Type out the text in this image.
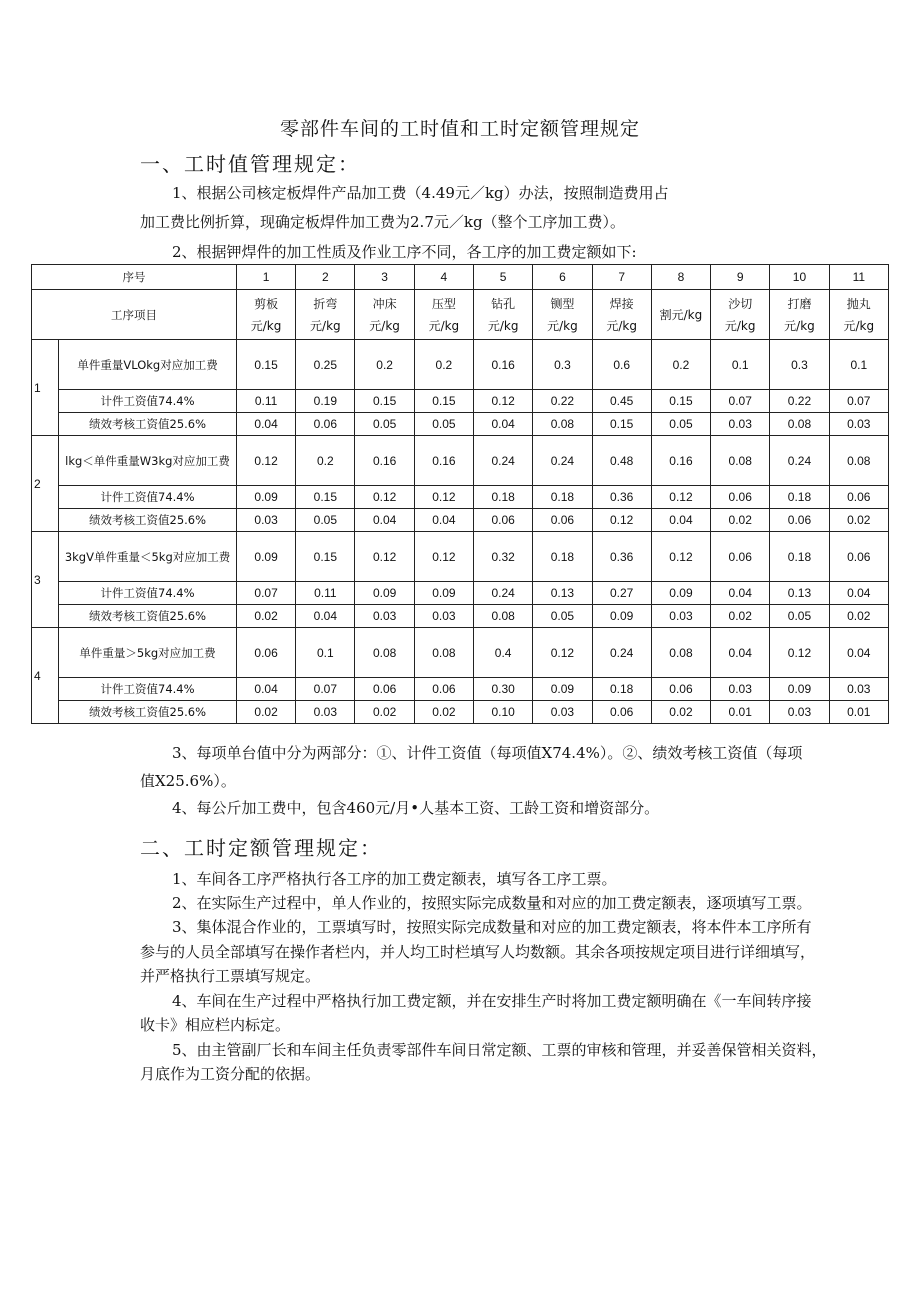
零部件车间的工时值和工时定额管理规定
一、工时值管理规定：
1、根据公司核定板焊件产品加工费（4.49元／kg）办法，按照制造费用占
加工费比例折算，现确定板焊件加工费为2.7元／kg（整个工序加工费）。
2、根据钾焊件的加工性质及作业工序不同，各工序的加工费定额如下:
序号		1	2	3	4	5	6	7	8	9	10	11
工序项目		剪板元/kg	折弯元/kg	冲床元/kg	压型元/kg	钻孔元/kg	铡型元/kg	焊接元/kg	割元/kg	沙切元/kg	打磨元/kg	抛丸元/kg
1	单件重量VLOkg对应加工费	0.15	0.25	0.2	0.2	0.16	0.3	0.6	0.2	0.1	0.3	0.1
	计件工资值74.4%	0.11	0.19	0.15	0.15	0.12	0.22	0.45	0.15	0.07	0.22	0.07
	绩效考核工资值25.6%	0.04	0.06	0.05	0.05	0.04	0.08	0.15	0.05	0.03	0.08	0.03
2	lkg＜单件重量W3kg对应加工费	0.12	0.2	0.16	0.16	0.24	0.24	0.48	0.16	0.08	0.24	0.08
	计件工资值74.4%	0.09	0.15	0.12	0.12	0.18	0.18	0.36	0.12	0.06	0.18	0.06
	绩效考核工资值25.6%	0.03	0.05	0.04	0.04	0.06	0.06	0.12	0.04	0.02	0.06	0.02
3	3kgV单件重量＜5kg对应加工费	0.09	0.15	0.12	0.12	0.32	0.18	0.36	0.12	0.06	0.18	0.06
	计件工资值74.4%	0.07	0.11	0.09	0.09	0.24	0.13	0.27	0.09	0.04	0.13	0.04
	绩效考核工资值25.6%	0.02	0.04	0.03	0.03	0.08	0.05	0.09	0.03	0.02	0.05	0.02
4	单件重量＞5kg对应加工费	0.06	0.1	0.08	0.08	0.4	0.12	0.24	0.08	0.04	0.12	0.04
	计件工资值74.4%	0.04	0.07	0.06	0.06	0.30	0.09	0.18	0.06	0.03	0.09	0.03
	绩效考核工资值25.6%	0.02	0.03	0.02	0.02	0.10	0.03	0.06	0.02	0.01	0.03	0.01
3、每项单台值中分为两部分：①、计件工资值（每项值X74.4%）。②、绩效考核工资值（每项
值X25.6%）。
4、每公斤加工费中，包含460元/月•人基本工资、工龄工资和增资部分。
二、工时定额管理规定：
1、车间各工序严格执行各工序的加工费定额表，填写各工序工票。
2、在实际生产过程中，单人作业的，按照实际完成数量和对应的加工费定额表，逐项填写工票。
3、集体混合作业的，工票填写时，按照实际完成数量和对应的加工费定额表，将本件本工序所有
参与的人员全部填写在操作者栏内，并人均工时栏填写人均数额。其余各项按规定项目进行详细填写，
并严格执行工票填写规定。
4、车间在生产过程中严格执行加工费定额，并在安排生产时将加工费定额明确在《一车间转序接
收卡》相应栏内标定。
5、由主管副厂长和车间主任负责零部件车间日常定额、工票的审核和管理，并妥善保管相关资料，
月底作为工资分配的依据。
